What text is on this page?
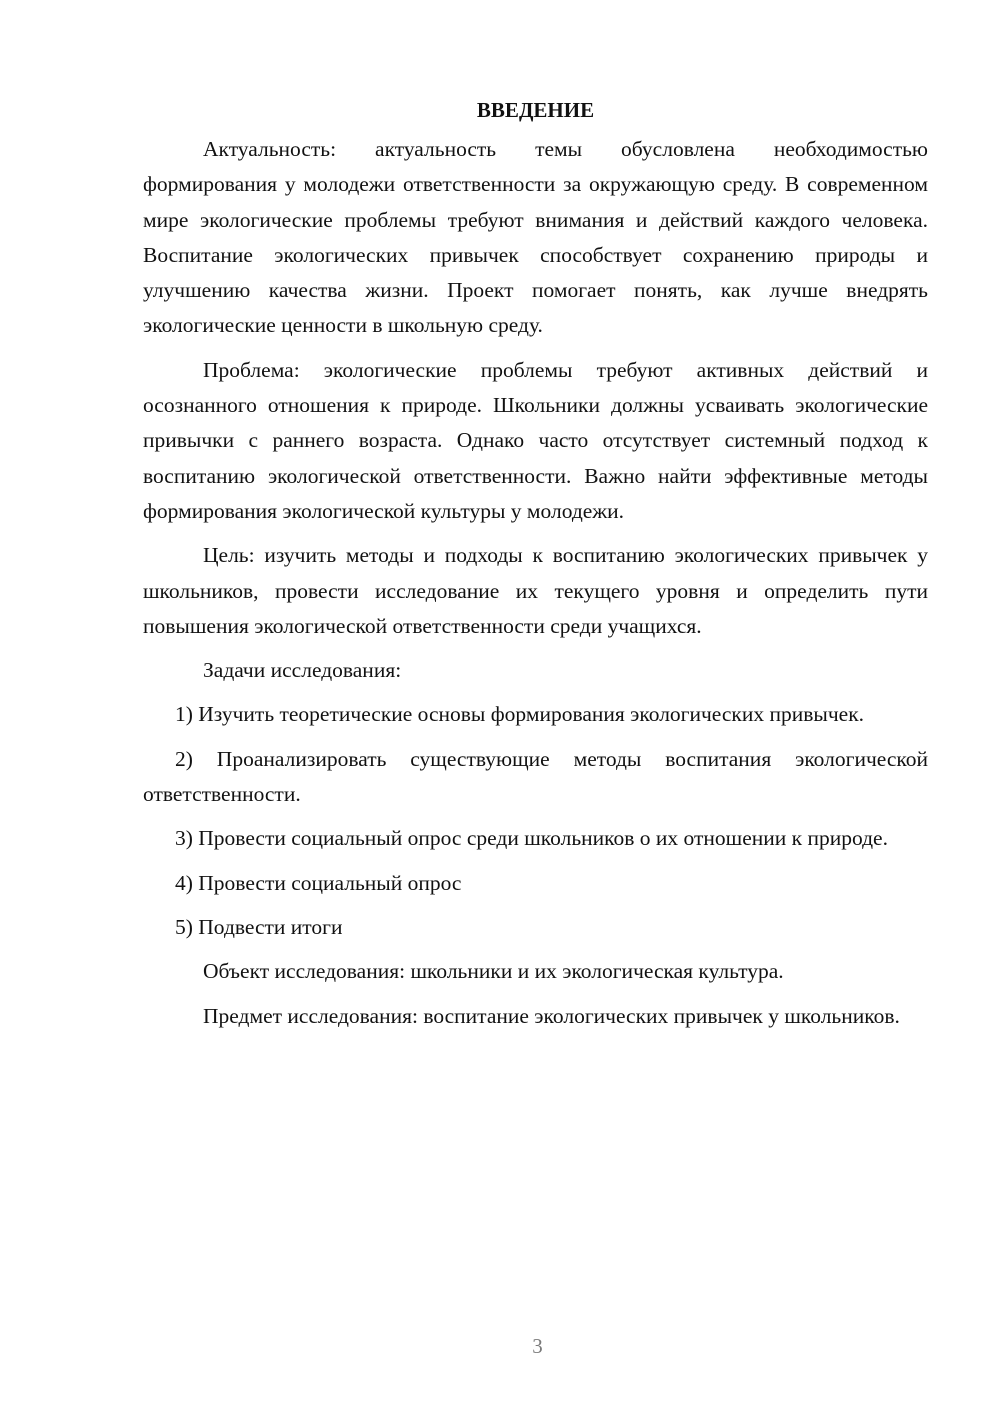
ВВЕДЕНИЕ

Актуальность: актуальность темы обусловлена необходимостью формирования у молодежи ответственности за окружающую среду. В современном мире экологические проблемы требуют внимания и действий каждого человека. Воспитание экологических привычек способствует сохранению природы и улучшению качества жизни. Проект помогает понять, как лучше внедрять экологические ценности в школьную среду.

Проблема: экологические проблемы требуют активных действий и осознанного отношения к природе. Школьники должны усваивать экологические привычки с раннего возраста. Однако часто отсутствует системный подход к воспитанию экологической ответственности. Важно найти эффективные методы формирования экологической культуры у молодежи.

Цель: изучить методы и подходы к воспитанию экологических привычек у школьников, провести исследование их текущего уровня и определить пути повышения экологической ответственности среди учащихся.

Задачи исследования:

1) Изучить теоретические основы формирования экологических привычек.

2) Проанализировать существующие методы воспитания экологической ответственности.

3) Провести социальный опрос среди школьников о их отношении к природе.

4) Провести социальный опрос

5) Подвести итоги

Объект исследования: школьники и их экологическая культура.

Предмет исследования: воспитание экологических привычек у школьников.

3
